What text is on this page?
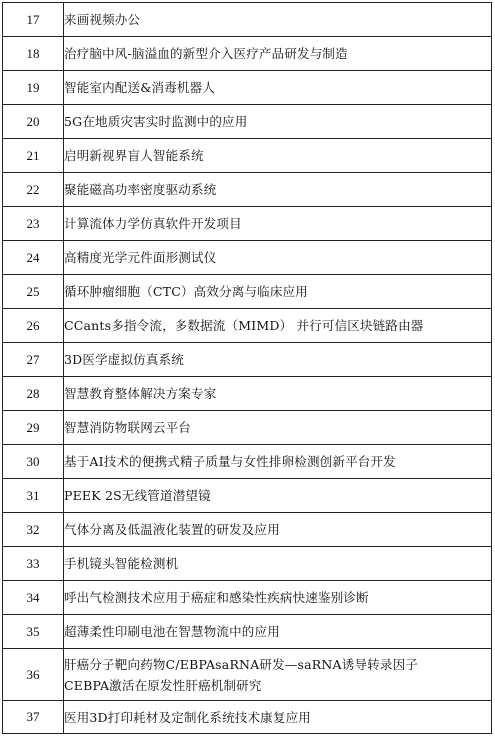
17	来画视频办公
18	治疗脑中风-脑溢血的新型介入医疗产品研发与制造
19	智能室内配送&消毒机器人
20	5G在地质灾害实时监测中的应用
21	启明新视界盲人智能系统
22	聚能磁高功率密度驱动系统
23	计算流体力学仿真软件开发项目
24	高精度光学元件面形测试仪
25	循环肿瘤细胞（CTC）高效分离与临床应用
26	CCants多指令流，多数据流（MIMD） 并行可信区块链路由器
27	3D医学虚拟仿真系统
28	智慧教育整体解决方案专家
29	智慧消防物联网云平台
30	基于AI技术的便携式精子质量与女性排卵检测创新平台开发
31	PEEK 2S无线管道潜望镜
32	气体分离及低温液化装置的研发及应用
33	手机镜头智能检测机
34	呼出气检测技术应用于癌症和感染性疾病快速鉴别诊断
35	超薄柔性印刷电池在智慧物流中的应用
36	肝癌分子靶向药物C/EBPAsaRNA研发—saRNA诱导转录因子
CEBPA激活在原发性肝癌机制研究

37	医用3D打印耗材及定制化系统技术康复应用
